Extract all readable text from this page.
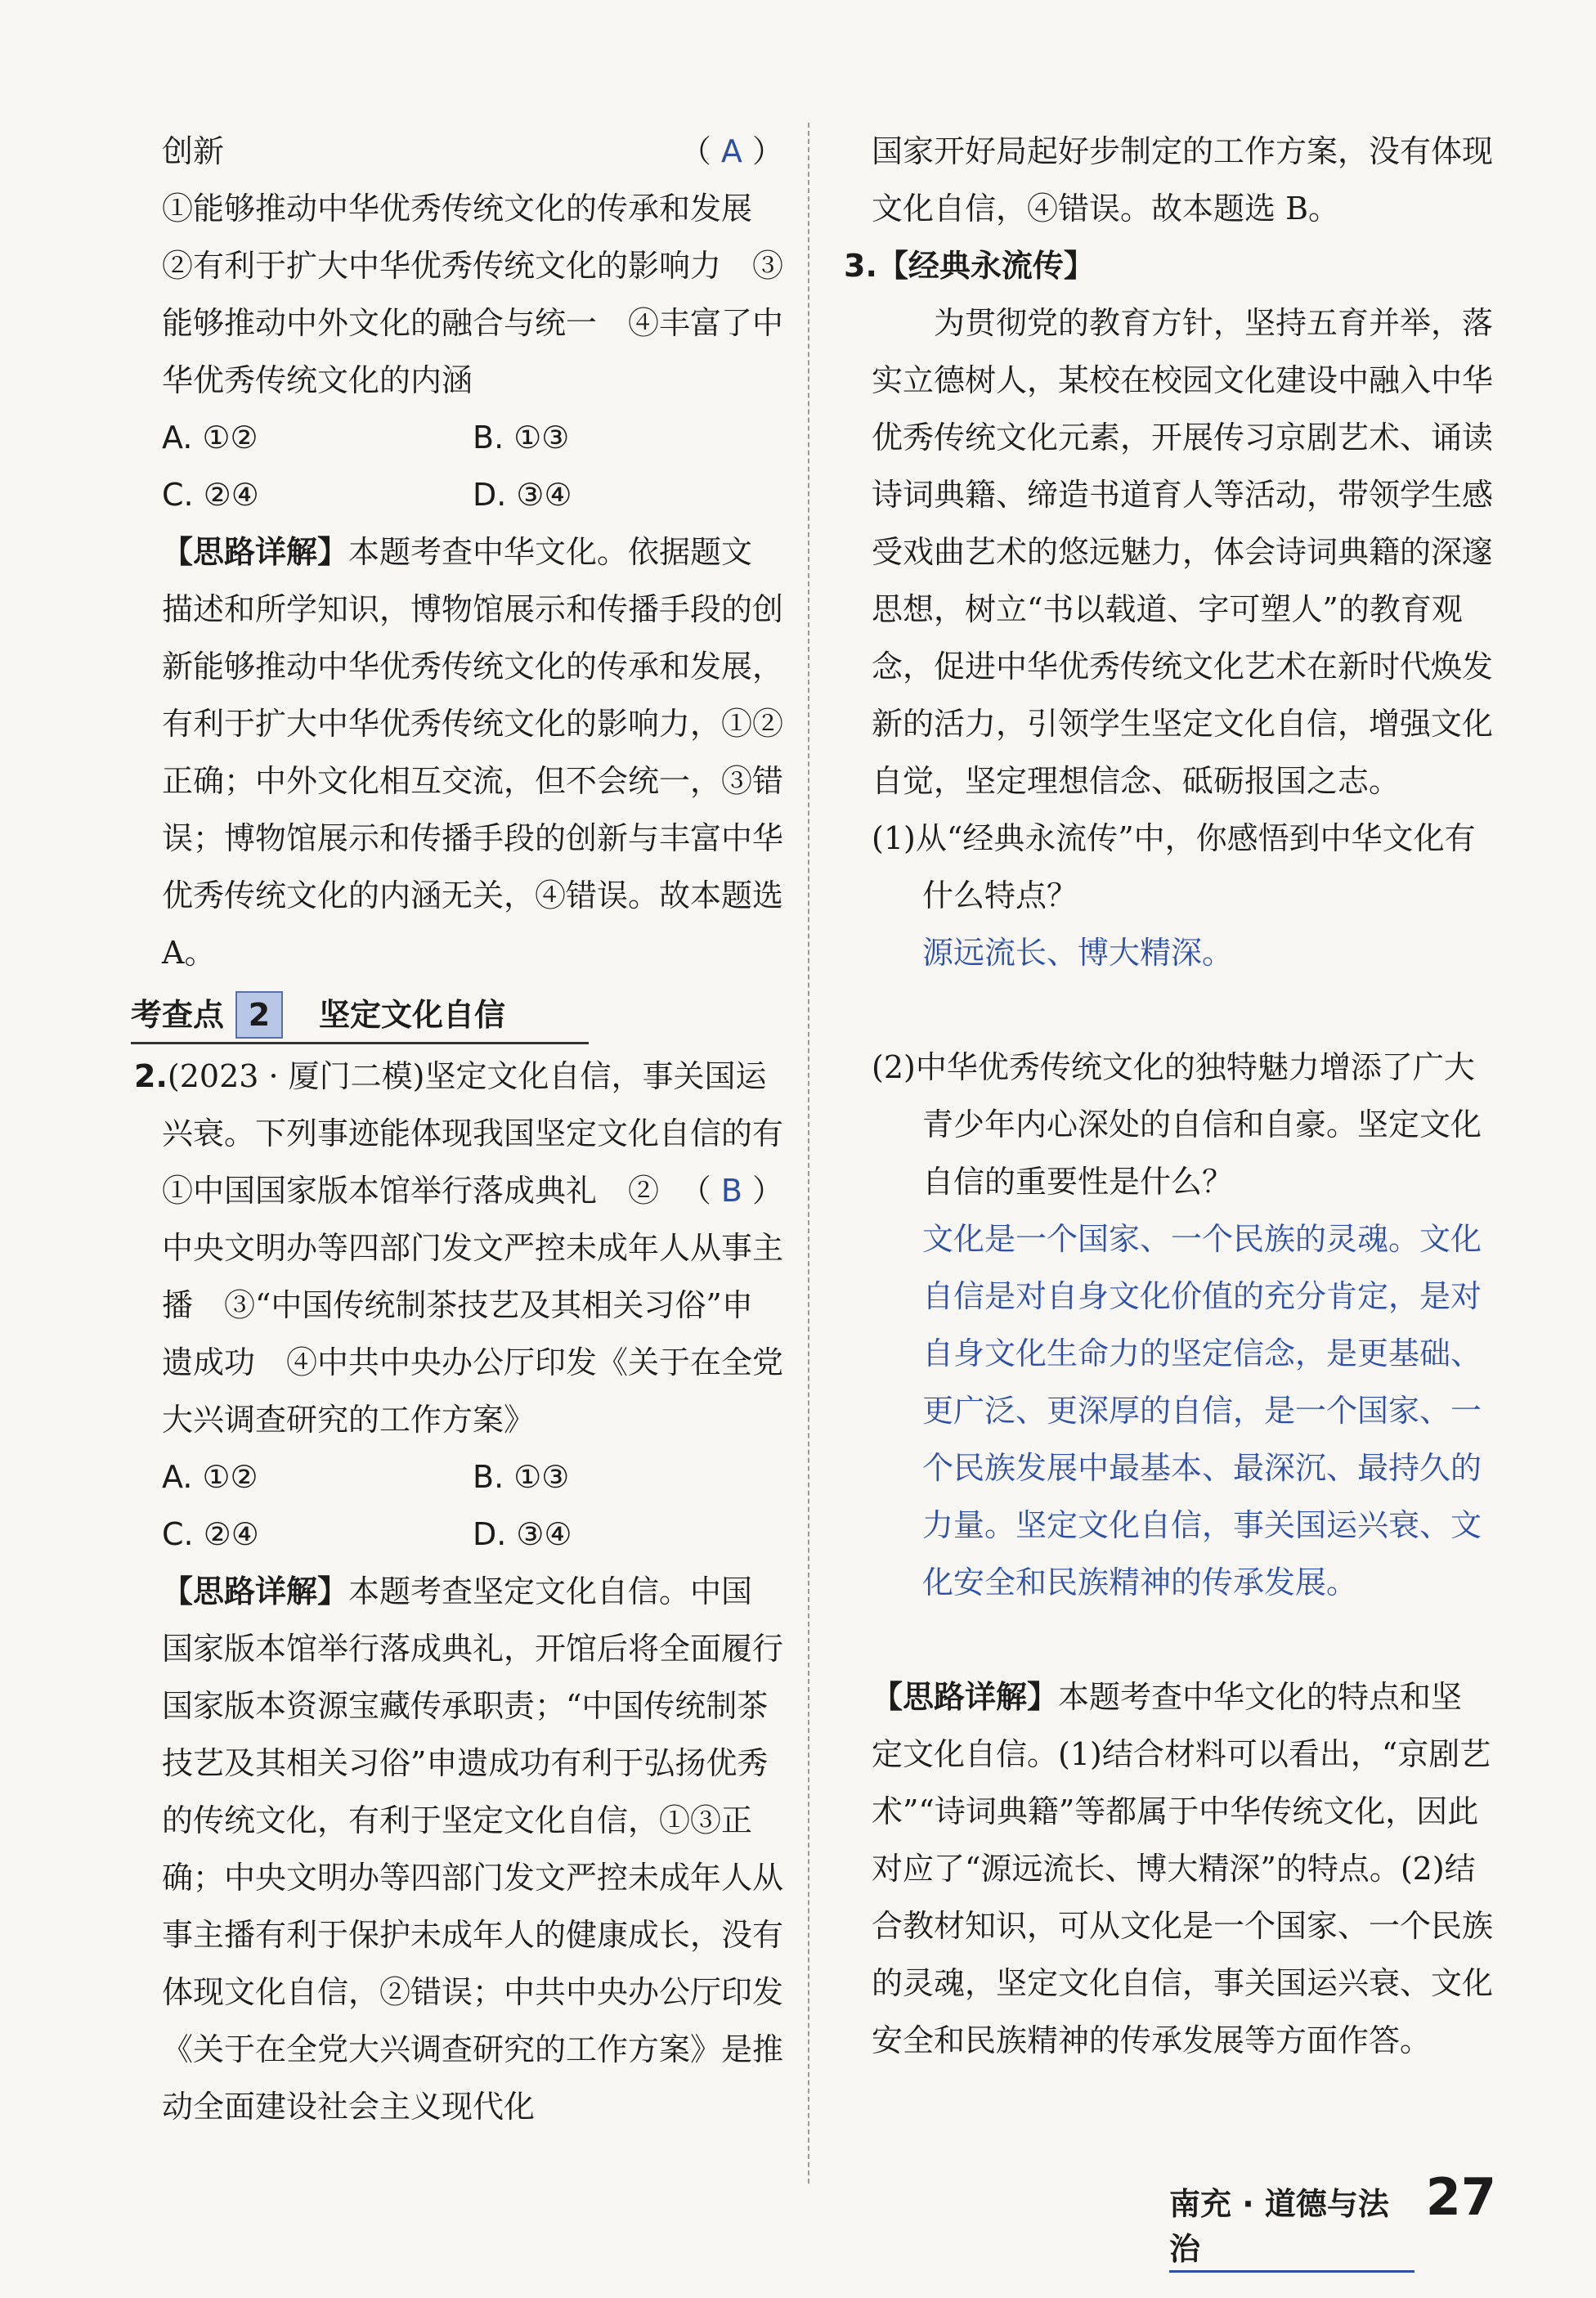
创新	（ A ）

①能够推动中华优秀传统文化的传承和发展　②有利于扩大中华优秀传统文化的影响力　③能够推动中外文化的融合与统一　④丰富了中华优秀传统文化的内涵

A. ①②	B. ①③
C. ②④	D. ③④

【思路详解】本题考查中华文化。依据题文描述和所学知识，博物馆展示和传播手段的创新能够推动中华优秀传统文化的传承和发展，有利于扩大中华优秀传统文化的影响力，①②正确；中外文化相互交流，但不会统一，③错误；博物馆展示和传播手段的创新与丰富中华优秀传统文化的内涵无关，④错误。故本题选 A。

考查点 2	坚定文化自信

2.(2023 · 厦门二模)坚定文化自信，事关国运兴衰。下列事迹能体现我国坚定文化自信的有
（ B ）

①中国国家版本馆举行落成典礼　②中央文明办等四部门发文严控未成年人从事主播　③“中国传统制茶技艺及其相关习俗”申遗成功　④中共中央办公厅印发《关于在全党大兴调查研究的工作方案》

A. ①②	B. ①③
C. ②④	D. ③④

【思路详解】本题考查坚定文化自信。中国国家版本馆举行落成典礼，开馆后将全面履行国家版本资源宝藏传承职责；“中国传统制茶技艺及其相关习俗”申遗成功有利于弘扬优秀的传统文化，有利于坚定文化自信，①③正确；中央文明办等四部门发文严控未成年人从事主播有利于保护未成年人的健康成长，没有体现文化自信，②错误；中共中央办公厅印发《关于在全党大兴调查研究的工作方案》是推动全面建设社会主义现代化

国家开好局起好步制定的工作方案，没有体现文化自信，④错误。故本题选 B。

3.【经典永流传】

为贯彻党的教育方针，坚持五育并举，落实立德树人，某校在校园文化建设中融入中华优秀传统文化元素，开展传习京剧艺术、诵读诗词典籍、缔造书道育人等活动，带领学生感受戏曲艺术的悠远魅力，体会诗词典籍的深邃思想，树立“书以载道、字可塑人”的教育观念，促进中华优秀传统文化艺术在新时代焕发新的活力，引领学生坚定文化自信，增强文化自觉，坚定理想信念、砥砺报国之志。

(1)从“经典永流传”中，你感悟到中华文化有什么特点？

源远流长、博大精深。

(2)中华优秀传统文化的独特魅力增添了广大青少年内心深处的自信和自豪。坚定文化自信的重要性是什么？

文化是一个国家、一个民族的灵魂。文化自信是对自身文化价值的充分肯定，是对自身文化生命力的坚定信念，是更基础、更广泛、更深厚的自信，是一个国家、一个民族发展中最基本、最深沉、最持久的力量。坚定文化自信，事关国运兴衰、文化安全和民族精神的传承发展。

【思路详解】本题考查中华文化的特点和坚定文化自信。(1)结合材料可以看出，“京剧艺术”“诗词典籍”等都属于中华传统文化，因此对应了“源远流长、博大精深”的特点。(2)结合教材知识，可从文化是一个国家、一个民族的灵魂，坚定文化自信，事关国运兴衰、文化安全和民族精神的传承发展等方面作答。

南充 · 道德与法治
27
